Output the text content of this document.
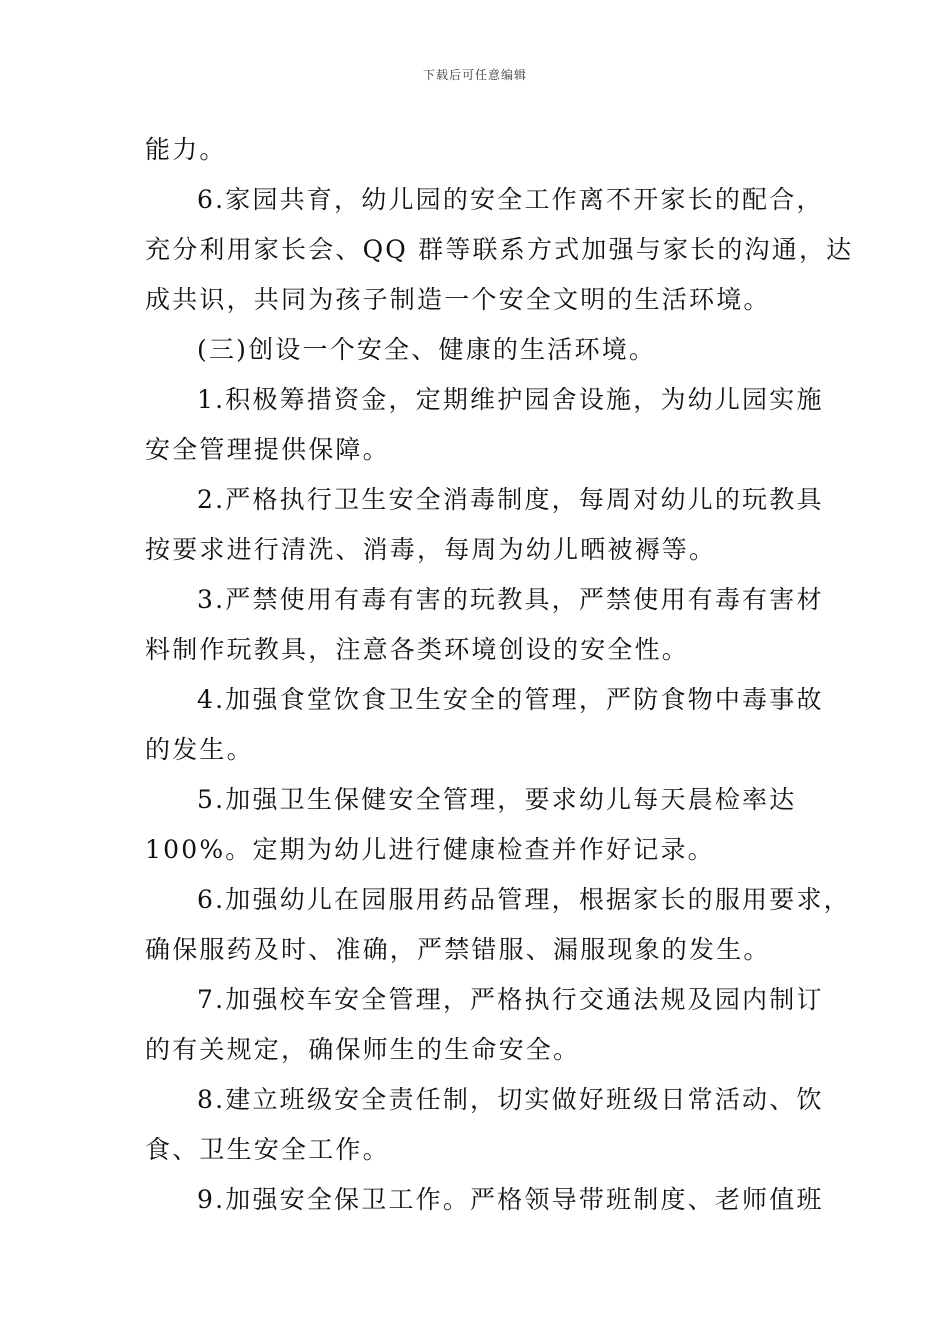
下载后可任意编辑
能力。
6.家园共育，幼儿园的安全工作离不开家长的配合，
充分利用家长会、QQ 群等联系方式加强与家长的沟通，达
成共识，共同为孩子制造一个安全文明的生活环境。
(三)创设一个安全、健康的生活环境。
1.积极筹措资金，定期维护园舍设施，为幼儿园实施
安全管理提供保障。
2.严格执行卫生安全消毒制度，每周对幼儿的玩教具
按要求进行清洗、消毒，每周为幼儿晒被褥等。
3.严禁使用有毒有害的玩教具，严禁使用有毒有害材
料制作玩教具，注意各类环境创设的安全性。
4.加强食堂饮食卫生安全的管理，严防食物中毒事故
的发生。
5.加强卫生保健安全管理，要求幼儿每天晨检率达
100%。定期为幼儿进行健康检查并作好记录。
6.加强幼儿在园服用药品管理，根据家长的服用要求，
确保服药及时、准确，严禁错服、漏服现象的发生。
7.加强校车安全管理，严格执行交通法规及园内制订
的有关规定，确保师生的生命安全。
8.建立班级安全责任制，切实做好班级日常活动、饮
食、卫生安全工作。
9.加强安全保卫工作。严格领导带班制度、老师值班
